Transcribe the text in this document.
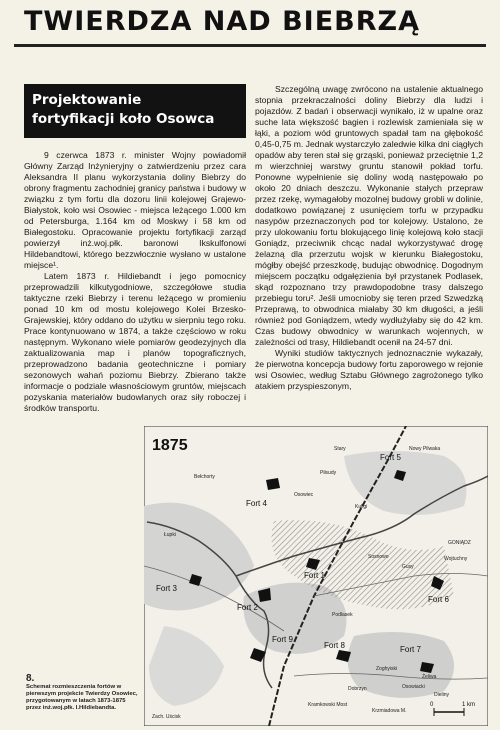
TWIERDZA NAD BIEBRZĄ
Projektowanie
fortyfikacji koło Osowca

9 czerwca 1873 r. minister Wojny powiadomił Główny Zarząd Inżynieryjny o zatwierdzeniu przez cara Aleksandra II planu wykorzystania doliny Biebrzy do obrony fragmentu zachodniej granicy państwa i budowy w związku z tym fortu dla dozoru linii kolejowej Grajewo-Białystok, koło wsi Osowiec - miejsca leżącego 1.000 km od Petersburga, 1.164 km od Moskwy i 58 km od Białegostoku. Opracowanie projektu fortyfikacji zarząd powierzył inż.woj.płk. baronowi Ikskulfonowi Hildebandtowi, którego bezzwłocznie wysłano w ustalone miejsce¹.

Latem 1873 r. Hildiebandt i jego pomocnicy przeprowadzili kilkutygodniowe, szczegółowe studia taktyczne rzeki Biebrzy i terenu leżącego w promieniu ponad 10 km od mostu kolejowego Kolei Brzesko-Grajewskiej, który oddano do użytku w sierpniu tego roku. Prace kontynuowano w 1874, a także częściowo w roku następnym. Wykonano wiele pomiarów geodezyjnych dla zaktualizowania map i planów topograficznych, przeprowadzono badania geotechniczne i pomiary sezonowych wahań poziomu Biebrzy. Zbierano także informacje o podziale własnościowym gruntów, miejscach pozyskania materiałów budowlanych oraz siły roboczej i środków transportu.

Szczególną uwagę zwrócono na ustalenie aktualnego stopnia przekraczalności doliny Biebrzy dla ludzi i pojazdów. Z badań i obserwacji wynikało, iż w upalne oraz suche lata większość bagien i rozlewisk zamieniała się w łąki, a poziom wód gruntowych spadał tam na głębokość 0,45-0,75 m. Jednak wystarczyło zaledwie kilka dni ciągłych opadów aby teren stał się grząski, ponieważ przeciętnie 1,2 m wierzchniej warstwy gruntu stanowił pokład torfu. Ponowne wypełnienie się doliny wodą następowało po około 20 dniach deszczu. Wykonanie stałych przepraw przez rzekę, wymagałoby mozolnej budowy grobli w dolinie, dodatkowo powiązanej z usunięciem torfu w przypadku nasypów przeznaczonych pod tor kolejowy. Ustalono, że przy ulokowaniu fortu blokującego linię kolejową koło stacji Goniądz, przeciwnik chcąc nadal wykorzystywać drogę żelazną dla przerzutu wojsk w kierunku Białegostoku, mógłby obejść przeszkodę, budując obwodnicę. Dogodnym miejscem początku odgałęzienia był przystanek Podlasek, skąd rozpoznano trzy prawdopodobne trasy dalszego przebiegu toru². Jeśli umocnioby się teren przed Szwedzką Przeprawą, to obwodnica miałaby 30 km długości, a jeśli również pod Goniądzem, wtedy wydłużyłaby się do 42 km. Czas budowy obwodnicy w warunkach wojennych, w zależności od trasy, Hildiebandt ocenił na 24-57 dni.

Wyniki studiów taktycznych jednoznacznie wykazały, że pierwotna koncepcja budowy fortu zaporowego w rejonie wsi Osowiec, według Sztabu Głównego zagrożonego tylko atakiem przyspieszonym,

1875
Fort 4
Fort 5
Fort 1
Fort 2
Fort 3
Fort 6
Fort 7
Fort 8
Fort 9
GONIĄDZ
Osowiec
Bełchorty
Piłsudy
Kuligi
Sosnowo
Gusy
Wojtuchny
Podlasek
Zoghyiski
Osowiacki
Dobrzyn
Dieliny
Żeliwa
Kramkowski Most
Krzmiadowa M.
Zach. Uścisk
Łupki
Nowy Pilwaka
Stary
0	1 km
8.
Schemat rozmieszczenia fortów w pierwszym projekcie Twierdzy Osowiec, przygotowanym w latach 1873-1875 przez inż.woj.płk. I.Hildiebandta.
